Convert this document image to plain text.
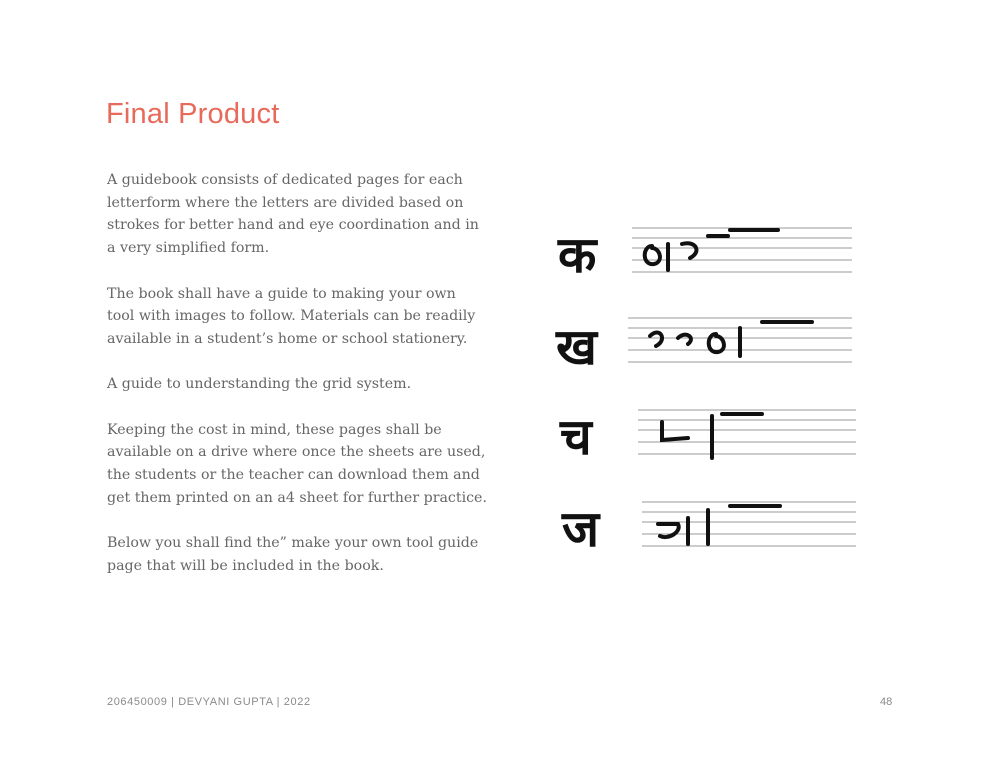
Final Product

A guidebook consists of dedicated pages for each letterform where the letters are divided based on strokes for better hand and eye coordination and in a very simplified form.

The book shall have a guide to making your own tool with images to follow. Materials can be readily available in a student’s home or school stationery.

A guide to understanding the grid system.

Keeping the cost in mind, these pages shall be available on a drive where once the sheets are used, the students or the teacher can download them and get them printed on an a4 sheet for further practice.

Below you shall find the” make your own tool guide page that will be included in the book.

क
ख
च
ज
206450009 | DEVYANI GUPTA | 2022	48
